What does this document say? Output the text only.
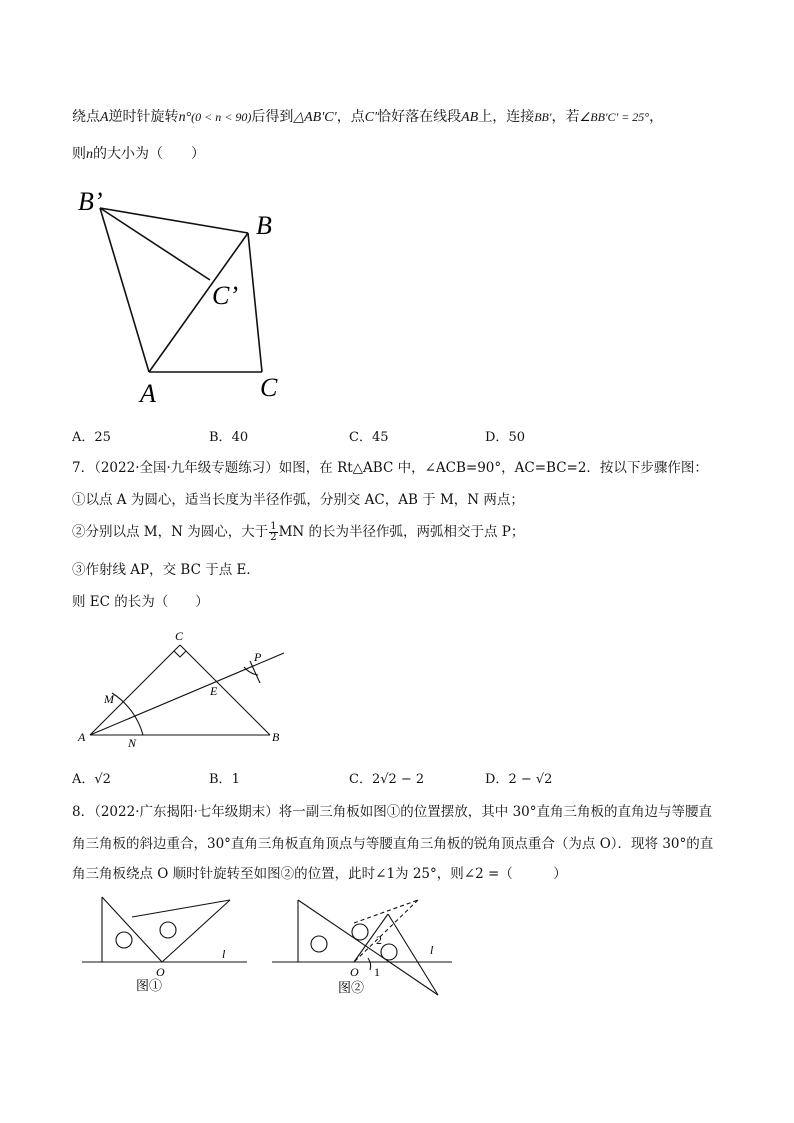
绕点A逆时针旋转n°(0 < n < 90)后得到△AB′C′，点C′恰好落在线段AB上，连接BB′，若∠BB′C′ = 25°，
则n的大小为（　　）
B’
B
C’
A	C
A．25	B．40	C．45	D．50
7．（2022·全国·九年级专题练习）如图，在 Rt△ABC 中，∠ACB=90°，AC=BC=2．按以下步骤作图：
①以点 A 为圆心，适当长度为半径作弧，分别交 AC，AB 于 M，N 两点；
②分别以点 M，N 为圆心，大于 $\frac{1}{2}$ MN 的长为半径作弧，两弧相交于点 P；
③作射线 AP，交 BC 于点 E．
则 EC 的长为（　　）
C
P
M
E
A	N	B
A．√2	B．1	C．2√2 − 2	D．2 − √2
8．（2022·广东揭阳·七年级期末）将一副三角板如图①的位置摆放，其中 30°直角三角板的直角边与等腰直
角三角板的斜边重合，30°直角三角板直角顶点与等腰直角三角板的锐角顶点重合（为点 O）．现将 30°的直
角三角板绕点 O 顺时针旋转至如图②的位置，此时∠1为 25°，则∠2 =（　　　）
O
l
图①
O
l
1
2
图②
